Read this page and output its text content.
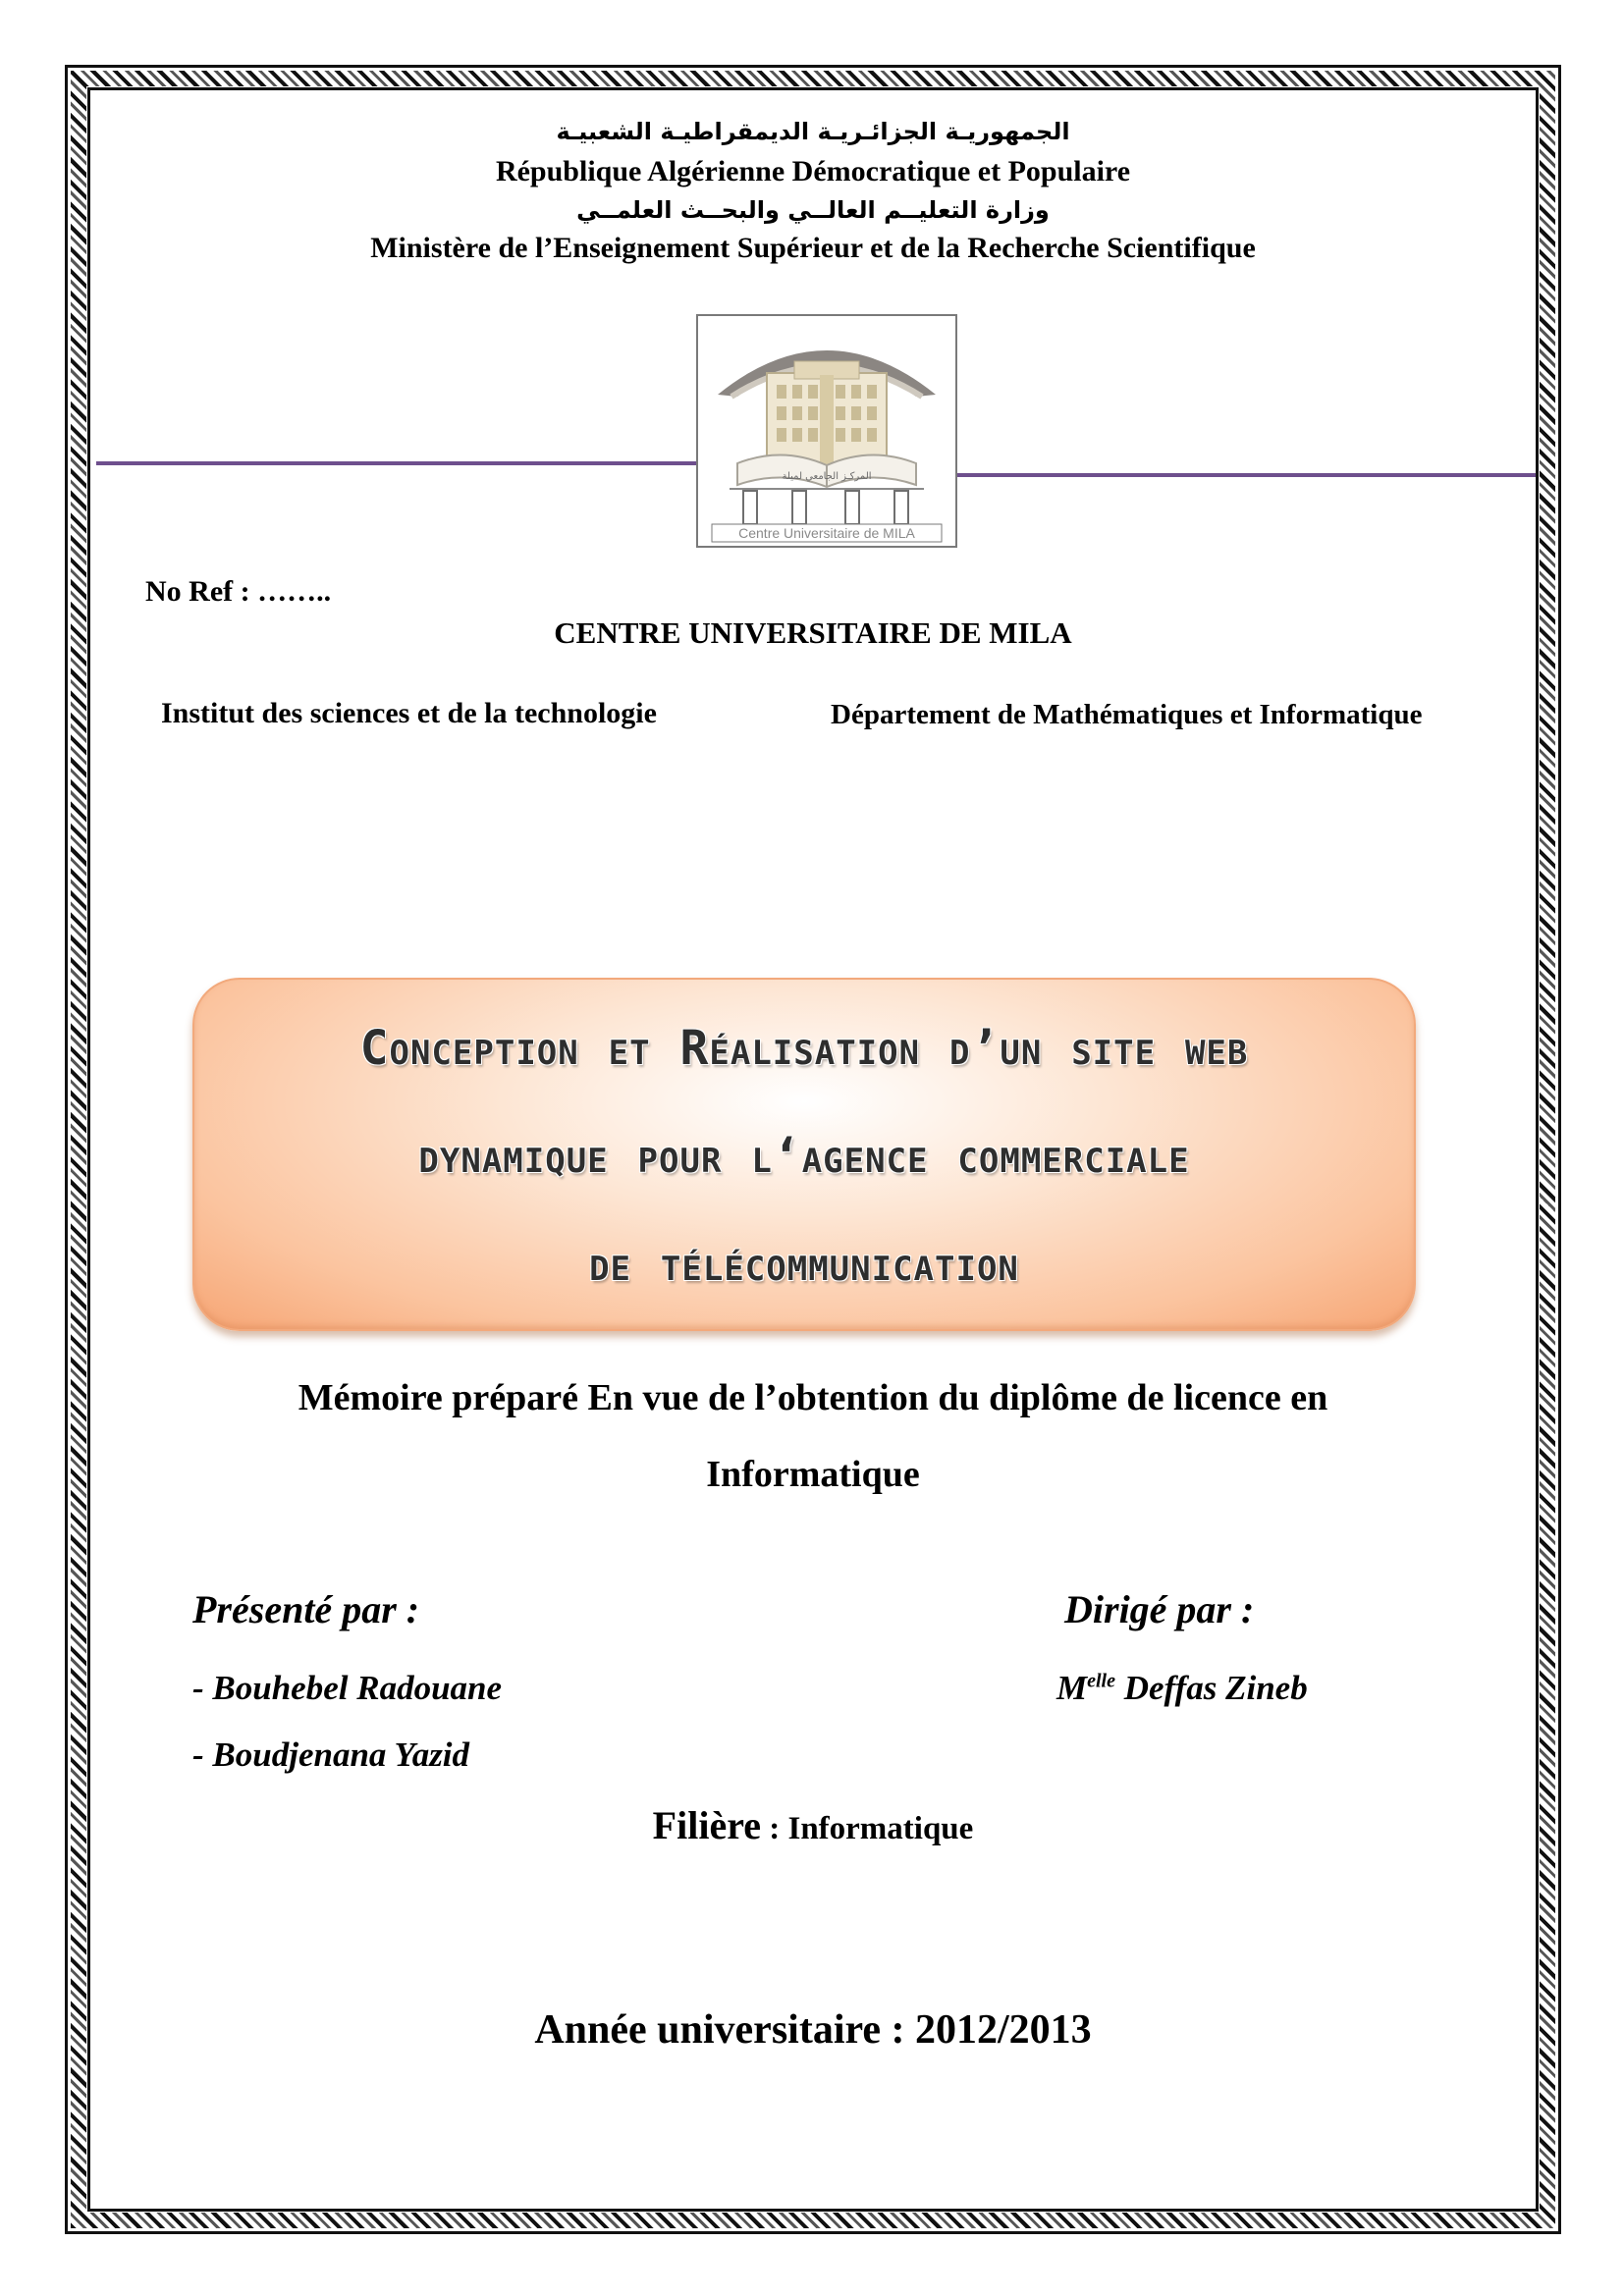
الجمهوريـة الجزائـريـة الديمقراطيـة الشعبيـة
République Algérienne Démocratique et Populaire
وزارة التعليــم العالــي والبحــث العلمــي
Ministère de l’Enseignement Supérieur et de la Recherche Scientifique
المركـز الجامعي لميلة
Centre Universitaire de MILA
No Ref : ……..
CENTRE UNIVERSITAIRE DE MILA
Institut des sciences et de la technologie	Département de Mathématiques et Informatique
Conception et Réalisation d’un site web
dynamique pour l‘agence commerciale
de télécommunication
Mémoire préparé En vue de l’obtention du diplôme de licence en
Informatique
Présenté par :
- Bouhebel Radouane
- Boudjenana Yazid
Dirigé par :
$M^{elle}$ Deffas Zineb
Filière : Informatique
Année universitaire : 2012/2013
